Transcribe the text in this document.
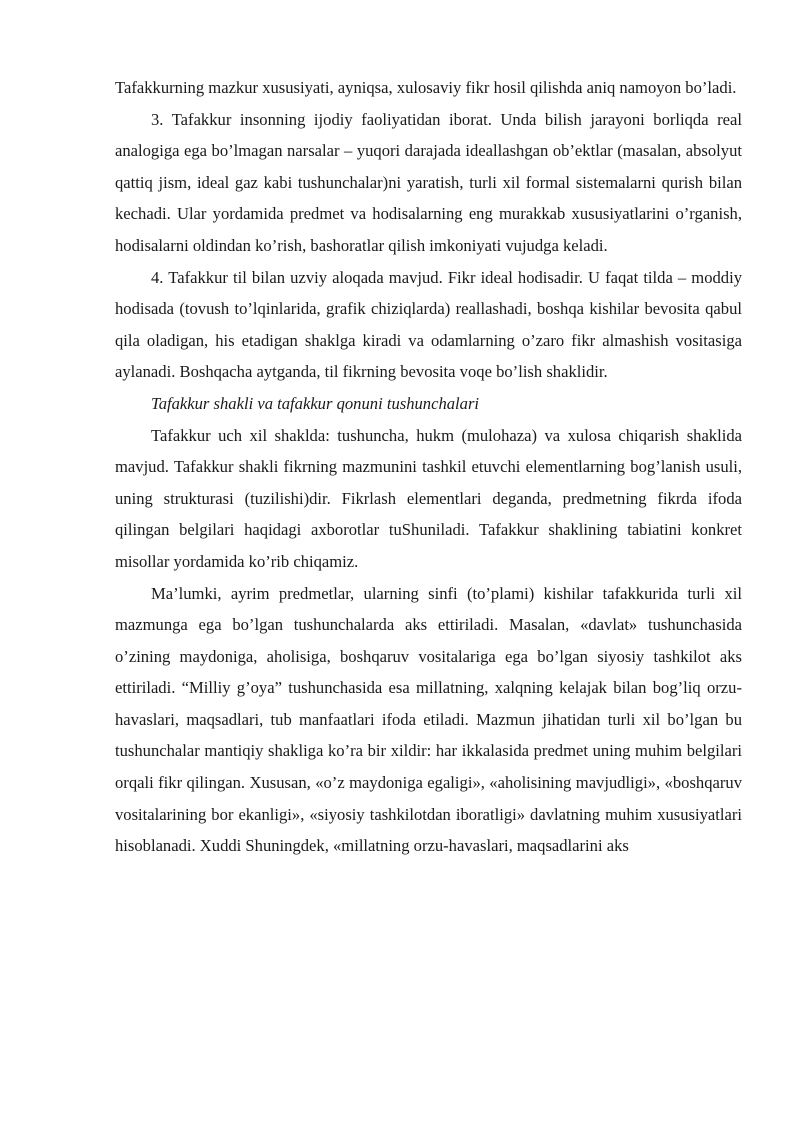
Tafakkurning mazkur xususiyati, ayniqsa, xulosaviy fikr hosil qilishda aniq namoyon bo’ladi.

3. Tafakkur insonning ijodiy faoliyatidan iborat. Unda bilish jarayoni borliqda real analogiga ega bo’lmagan narsalar – yuqori darajada ideallashgan ob’ektlar (masalan, absolyut qattiq jism, ideal gaz kabi tushunchalar)ni yaratish, turli xil formal sistemalarni qurish bilan kechadi. Ular yordamida predmet va hodisalarning eng murakkab xususiyatlarini o’rganish, hodisalarni oldindan ko’rish, bashoratlar qilish imkoniyati vujudga keladi.

4. Tafakkur til bilan uzviy aloqada mavjud. Fikr ideal hodisadir. U faqat tilda – moddiy hodisada (tovush to’lqinlarida, grafik chiziqlarda) reallashadi, boshqa kishilar bevosita qabul qila oladigan, his etadigan shaklga kiradi va odamlarning o’zaro fikr almashish vositasiga aylanadi. Boshqacha aytganda, til fikrning bevosita voqe bo’lish shaklidir.

Tafakkur shakli va tafakkur qonuni tushunchalari

Tafakkur uch xil shaklda: tushuncha, hukm (mulohaza) va xulosa chiqarish shaklida mavjud. Tafakkur shakli fikrning mazmunini tashkil etuvchi elementlarning bog’lanish usuli, uning strukturasi (tuzilishi)dir. Fikrlash elementlari deganda, predmetning fikrda ifoda qilingan belgilari haqidagi axborotlar tuShuniladi. Tafakkur shaklining tabiatini konkret misollar yordamida ko’rib chiqamiz.

Ma’lumki, ayrim predmetlar, ularning sinfi (to’plami) kishilar tafakkurida turli xil mazmunga ega bo’lgan tushunchalarda aks ettiriladi. Masalan, «davlat» tushunchasida o’zining maydoniga, aholisiga, boshqaruv vositalariga ega bo’lgan siyosiy tashkilot aks ettiriladi. “Milliy g’oya” tushunchasida esa millatning, xalqning kelajak bilan bog’liq orzu-havaslari, maqsadlari, tub manfaatlari ifoda etiladi. Mazmun jihatidan turli xil bo’lgan bu tushunchalar mantiqiy shakliga ko’ra bir xildir: har ikkalasida predmet uning muhim belgilari orqali fikr qilingan. Xususan, «o’z maydoniga egaligi», «aholisining mavjudligi», «boshqaruv vositalarining bor ekanligi», «siyosiy tashkilotdan iboratligi» davlatning muhim xususiyatlari hisoblanadi. Xuddi Shuningdek, «millatning orzu-havaslari, maqsadlarini aks
